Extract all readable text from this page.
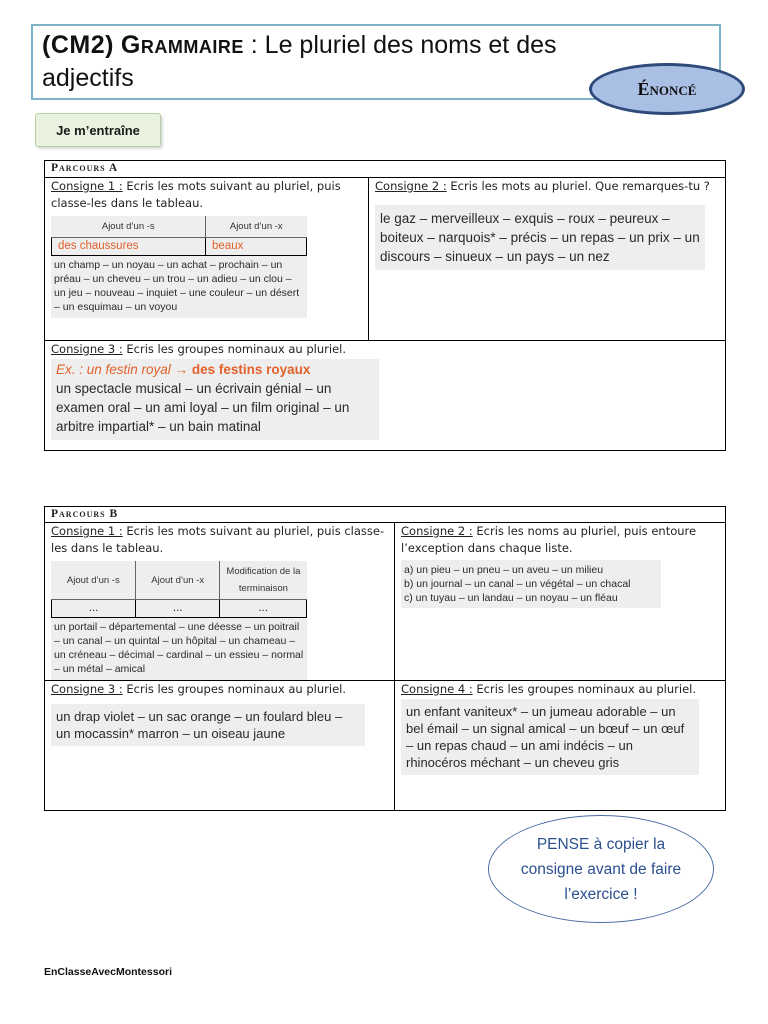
(CM2) Grammaire : Le pluriel des noms et des
adjectifs	Énoncé
Je m’entraîne
Parcours A
Consigne 1 : Ecris les mots suivant au pluriel, puis classe-les dans le tableau.
Ajout d’un -s	Ajout d’un -x
des chaussures	beaux
un champ – un noyau – un achat – prochain – un préau – un cheveu – un trou – un adieu – un clou – un jeu – nouveau – inquiet – une couleur – un désert – un esquimau – un voyou
	Consigne 2 : Ecris les mots au pluriel. Que remarques-tu ?
le gaz – merveilleux – exquis – roux – peureux – boiteux – narquois* – précis – un repas – un prix – un discours – sinueux – un pays – un nez

Consigne 3 : Ecris les groupes nominaux au pluriel.
Ex. : un festin royal → des festins royaux
un spectacle musical – un écrivain génial – un examen oral – un ami loyal – un film original – un arbitre impartial* – un bain matinal
Parcours B
Consigne 1 : Ecris les mots suivant au pluriel, puis classe-les dans le tableau.
Ajout d’un -s	Ajout d’un -x	Modification de la terminaison
...	...	...
un portail – départemental – une déesse – un poitrail – un canal – un quintal – un hôpital – un chameau – un créneau – décimal – cardinal – un essieu – normal – un métal – amical
	Consigne 2 : Ecris les noms au pluriel, puis entoure l’exception dans chaque liste.
a) un pieu – un pneu – un aveu – un milieu
b) un journal – un canal – un végétal – un chacal
c) un tuyau – un landau – un noyau – un fléau

Consigne 3 : Ecris les groupes nominaux au pluriel.
un drap violet – un sac orange – un foulard bleu – un mocassin* marron – un oiseau jaune
	Consigne 4 : Ecris les groupes nominaux au pluriel.
un enfant vaniteux* – un jumeau adorable – un bel émail – un signal amical – un bœuf – un œuf – un repas chaud – un ami indécis – un rhinocéros méchant – un cheveu gris
PENSE à copier la consigne avant de faire l’exercice !
EnClasseAvecMontessori
